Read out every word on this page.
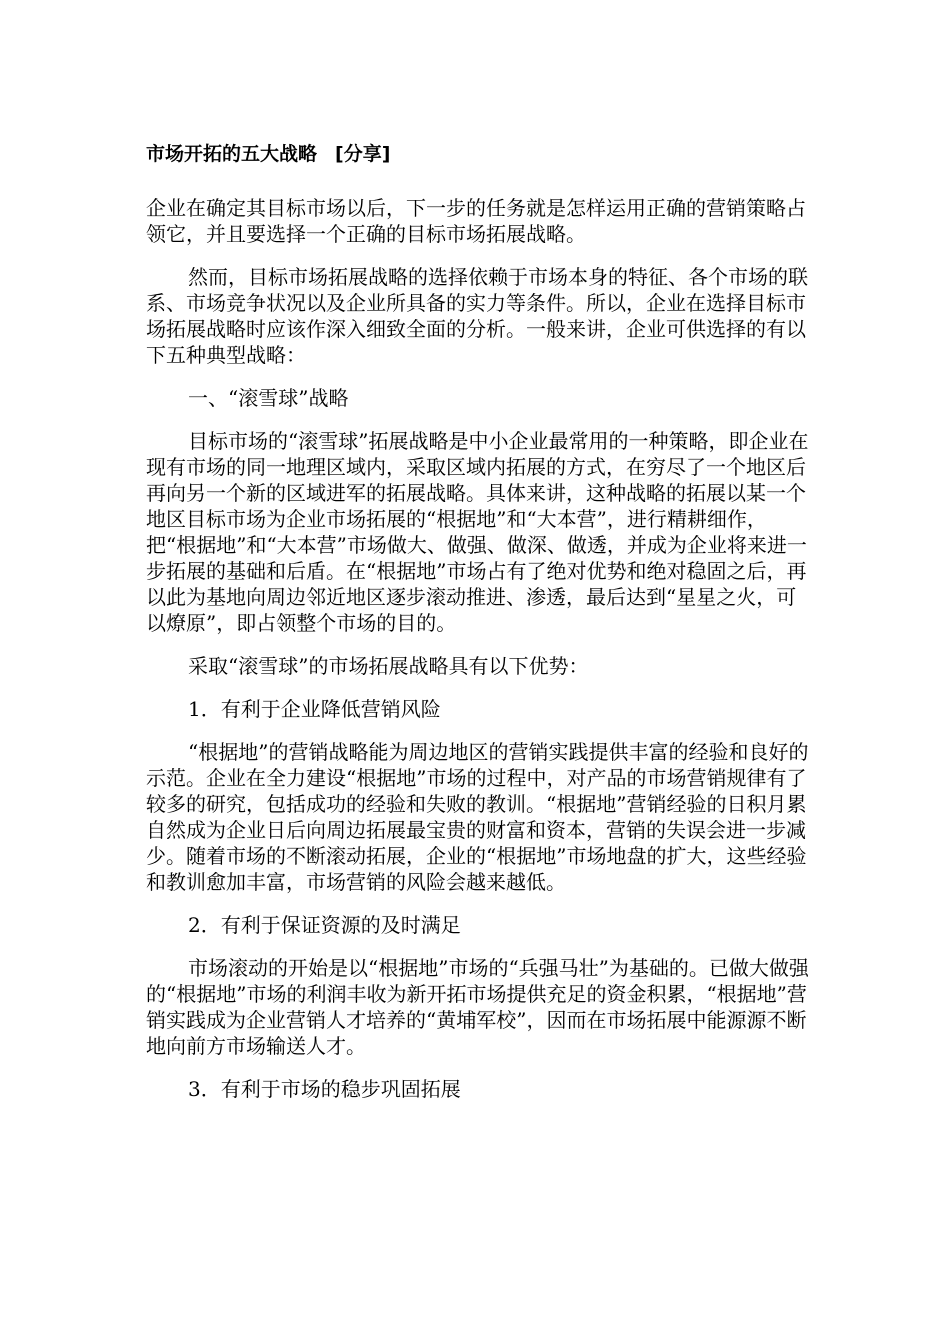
市场开拓的五大战略 [分享]

企业在确定其目标市场以后，下一步的任务就是怎样运用正确的营销策略占领它，并且要选择一个正确的目标市场拓展战略。

然而，目标市场拓展战略的选择依赖于市场本身的特征、各个市场的联系、市场竞争状况以及企业所具备的实力等条件。所以，企业在选择目标市场拓展战略时应该作深入细致全面的分析。一般来讲，企业可供选择的有以下五种典型战略：

一、“滚雪球”战略

目标市场的“滚雪球”拓展战略是中小企业最常用的一种策略，即企业在现有市场的同一地理区域内，采取区域内拓展的方式，在穷尽了一个地区后再向另一个新的区域进军的拓展战略。具体来讲，这种战略的拓展以某一个地区目标市场为企业市场拓展的“根据地”和“大本营”，进行精耕细作，把“根据地”和“大本营”市场做大、做强、做深、做透，并成为企业将来进一步拓展的基础和后盾。在“根据地”市场占有了绝对优势和绝对稳固之后，再以此为基地向周边邻近地区逐步滚动推进、渗透，最后达到“星星之火，可以燎原”，即占领整个市场的目的。

采取“滚雪球”的市场拓展战略具有以下优势：

1．有利于企业降低营销风险

“根据地”的营销战略能为周边地区的营销实践提供丰富的经验和良好的示范。企业在全力建设“根据地”市场的过程中，对产品的市场营销规律有了较多的研究，包括成功的经验和失败的教训。“根据地”营销经验的日积月累自然成为企业日后向周边拓展最宝贵的财富和资本，营销的失误会进一步减少。随着市场的不断滚动拓展，企业的“根据地”市场地盘的扩大，这些经验和教训愈加丰富，市场营销的风险会越来越低。

2．有利于保证资源的及时满足

市场滚动的开始是以“根据地”市场的“兵强马壮”为基础的。已做大做强的“根据地”市场的利润丰收为新开拓市场提供充足的资金积累，“根据地”营销实践成为企业营销人才培养的“黄埔军校”，因而在市场拓展中能源源不断地向前方市场输送人才。

3．有利于市场的稳步巩固拓展
